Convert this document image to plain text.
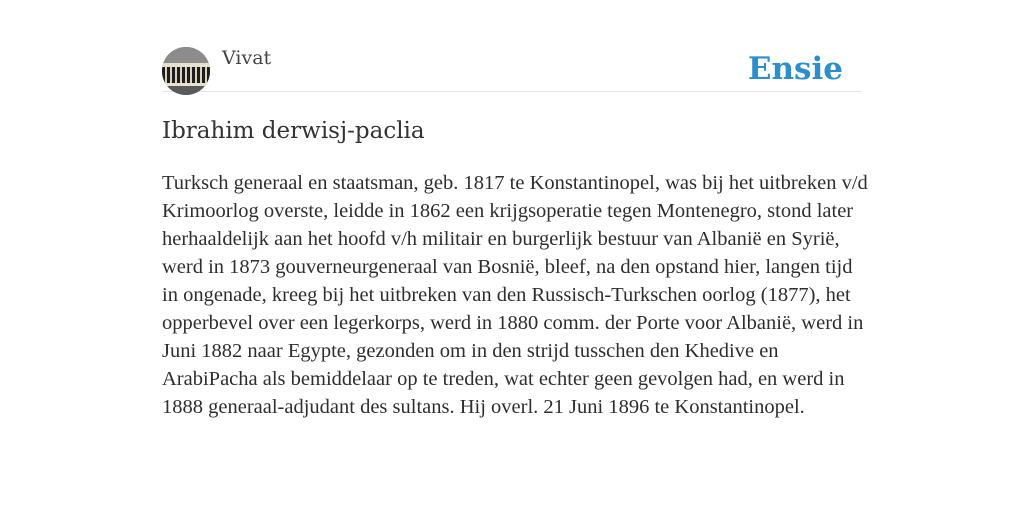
Vivat	Ensie
Ibrahim derwisj-paclia

Turksch generaal en staatsman, geb. 1817 te Konstantinopel, was bij het uitbreken v/d Krimoorlog overste, leidde in 1862 een krijgsoperatie tegen Montenegro, stond later herhaaldelijk aan het hoofd v/h militair en burgerlijk bestuur van Albanië en Syrië, werd in 1873 gouverneurgeneraal van Bosnië, bleef, na den opstand hier, langen tijd in ongenade, kreeg bij het uitbreken van den Russisch-Turkschen oorlog (1877), het opperbevel over een legerkorps, werd in 1880 comm. der Porte voor Albanië, werd in Juni 1882 naar Egypte, gezonden om in den strijd tusschen den Khedive en ArabiPacha als bemiddelaar op te treden, wat echter geen gevolgen had, en werd in 1888 generaal-adjudant des sultans. Hij overl. 21 Juni 1896 te Konstantinopel.
